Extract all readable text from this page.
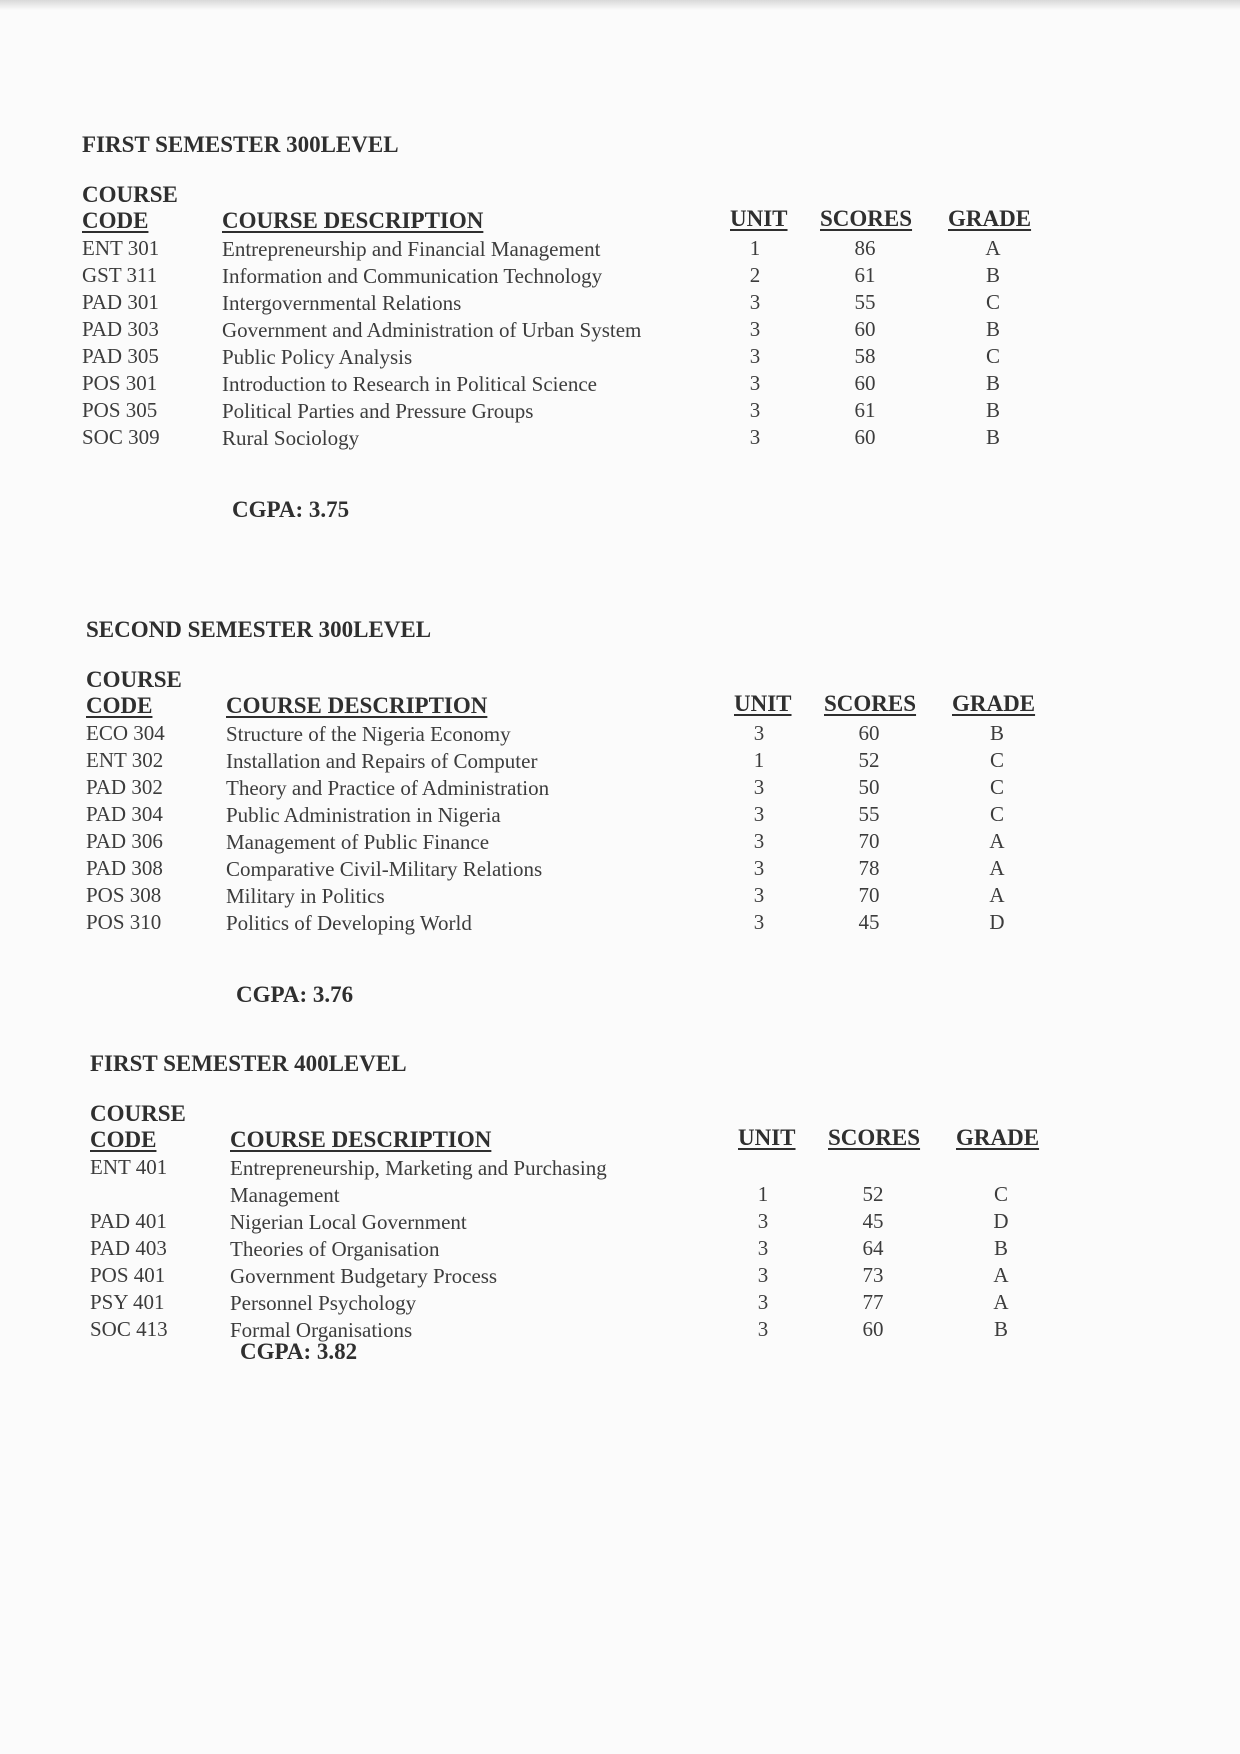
FIRST SEMESTER 300LEVEL
COURSE
CODE	COURSE DESCRIPTION	UNIT SCORES GRADE
ENT 301	Entrepreneurship and Financial Management	1	86	A
GST 311	Information and Communication Technology	2	61	B
PAD 301	Intergovernmental Relations	3	55	C
PAD 303	Government and Administration of Urban System	3	60	B
PAD 305	Public Policy Analysis	3	58	C
POS 301	Introduction to Research in Political Science	3	60	B
POS 305	Political Parties and Pressure Groups	3	61	B
SOC 309	Rural Sociology	3	60	B
CGPA: 3.75
SECOND SEMESTER 300LEVEL
COURSE
CODE	COURSE DESCRIPTION	UNIT SCORES GRADE
ECO 304	Structure of the Nigeria Economy	3	60	B
ENT 302	Installation and Repairs of Computer	1	52	C
PAD 302	Theory and Practice of Administration	3	50	C
PAD 304	Public Administration in Nigeria	3	55	C
PAD 306	Management of Public Finance	3	70	A
PAD 308	Comparative Civil-Military Relations	3	78	A
POS 308	Military in Politics	3	70	A
POS 310	Politics of Developing World	3	45	D
CGPA: 3.76
FIRST SEMESTER 400LEVEL
COURSE
CODE	COURSE DESCRIPTION	UNIT SCORES GRADE
ENT 401	Entrepreneurship, Marketing and Purchasing Management	1	52	C
PAD 401	Nigerian Local Government	3	45	D
PAD 403	Theories of Organisation	3	64	B
POS 401	Government Budgetary Process	3	73	A
PSY 401	Personnel Psychology	3	77	A
SOC 413	Formal Organisations	3	60	B
CGPA: 3.82
